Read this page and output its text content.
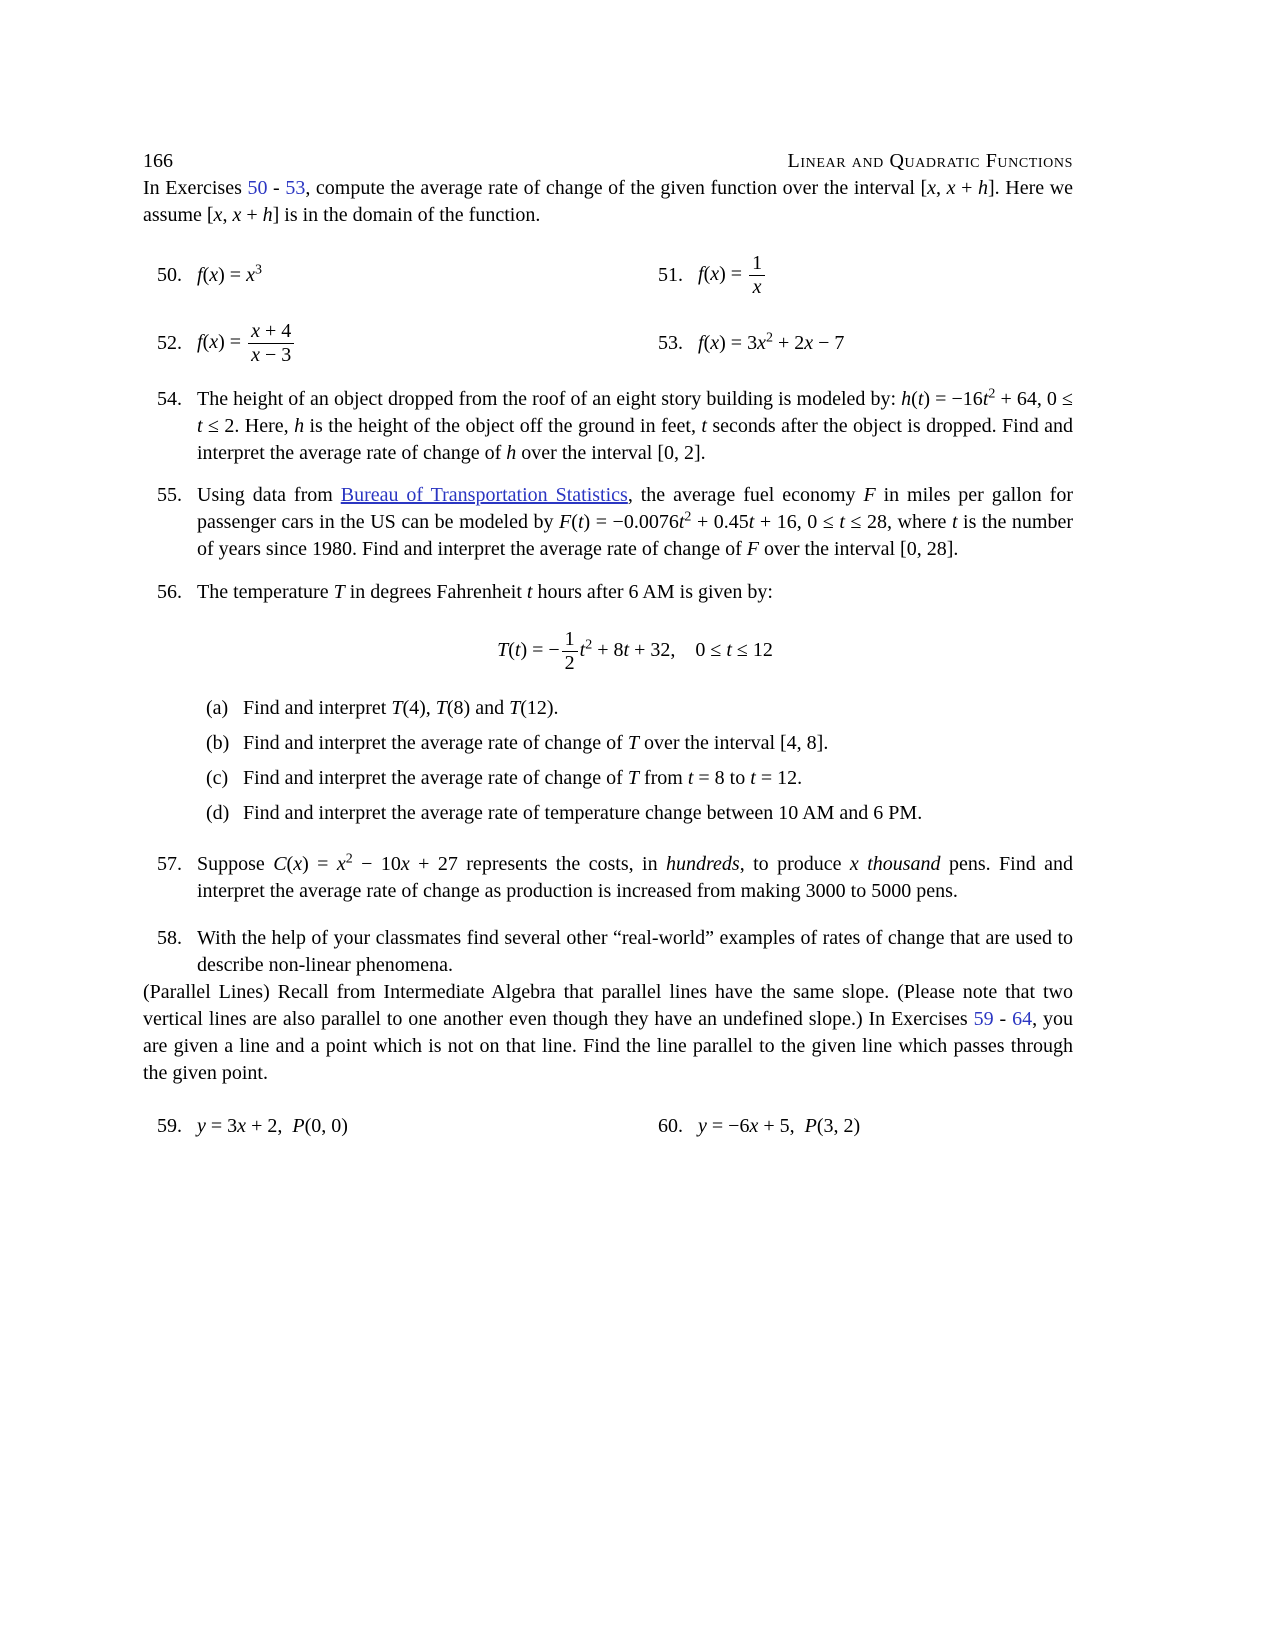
166	Linear and Quadratic Functions

In Exercises 50 - 53, compute the average rate of change of the given function over the interval [x, x + h]. Here we assume [x, x + h] is in the domain of the function.

50. $f(x) = x^3$	51. $f(x) = \frac{1}{x}$
52. $f(x) = \frac{x + 4}{x - 3}$	53. $f(x) = 3x^2 + 2x - 7$
54. The height of an object dropped from the roof of an eight story building is modeled by: $h(t) = -16t^2 + 64$, 0 ≤ t ≤ 2. Here, h is the height of the object off the ground in feet, t seconds after the object is dropped. Find and interpret the average rate of change of h over the interval [0, 2].
55. Using data from Bureau of Transportation Statistics, the average fuel economy F in miles per gallon for passenger cars in the US can be modeled by $F(t) = -0.0076t^2 + 0.45t + 16$, 0 ≤ t ≤ 28, where t is the number of years since 1980. Find and interpret the average rate of change of F over the interval [0, 28].
56. The temperature T in degrees Fahrenheit t hours after 6 AM is given by:
T(t) = − $\frac{1}{2} t^2 + 8t + 32$,    0 ≤ t ≤ 12
(a) Find and interpret T(4), T(8) and T(12).
(b) Find and interpret the average rate of change of T over the interval [4, 8].
(c) Find and interpret the average rate of change of T from t = 8 to t = 12.
(d) Find and interpret the average rate of temperature change between 10 AM and 6 PM.
57. Suppose $C(x) = x^2 - 10x + 27$ represents the costs, in hundreds, to produce x thousand pens. Find and interpret the average rate of change as production is increased from making 3000 to 5000 pens.
58. With the help of your classmates find several other “real-world” examples of rates of change that are used to describe non-linear phenomena.

(Parallel Lines) Recall from Intermediate Algebra that parallel lines have the same slope. (Please note that two vertical lines are also parallel to one another even though they have an undefined slope.) In Exercises 59 - 64, you are given a line and a point which is not on that line. Find the line parallel to the given line which passes through the given point.

59. y = 3x + 2,  P(0, 0)	60. y = −6x + 5,  P(3, 2)
